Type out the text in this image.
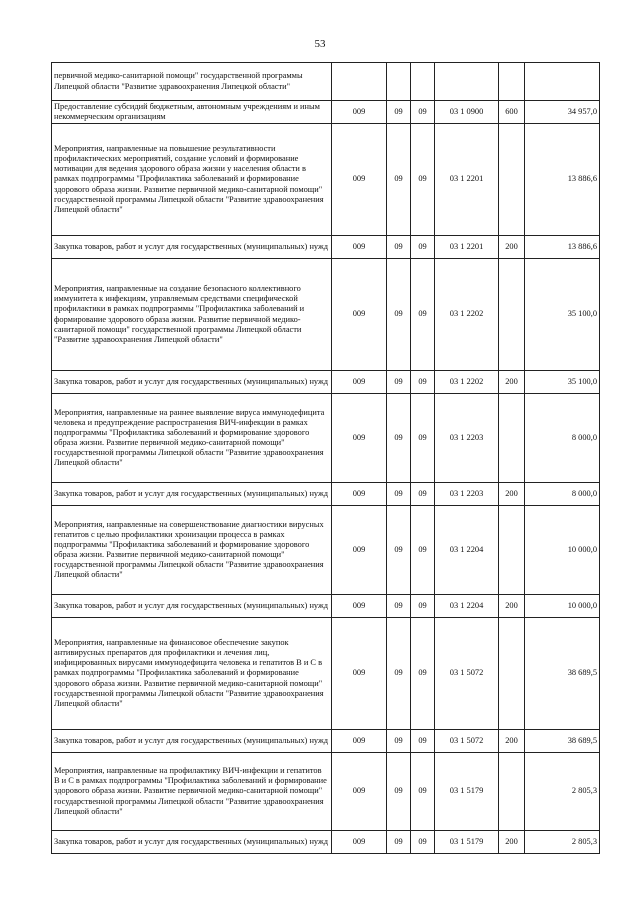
53
первичной медико-санитарной помощи" государственной программы Липецкой области "Развитие здравоохранения Липецкой области"						
Предоставление субсидий бюджетным, автономным учреждениям и иным некоммерческим организациям	009	09	09	03 1 0900	600	34 957,0
Мероприятия, направленные на повышение результативности профилактических мероприятий, создание условий и формирование мотивации для ведения здорового образа жизни у населения области в рамках подпрограммы "Профилактика заболеваний и формирование здорового образа жизни. Развитие первичной медико-санитарной помощи" государственной программы Липецкой области "Развитие здравоохранения Липецкой области"	009	09	09	03 1 2201		13 886,6
Закупка товаров, работ и услуг для государственных (муниципальных) нужд	009	09	09	03 1 2201	200	13 886,6
Мероприятия, направленные на создание безопасного коллективного иммунитета к инфекциям, управляемым средствами специфической профилактики в рамках подпрограммы "Профилактика заболеваний и формирование здорового образа жизни. Развитие первичной медико-санитарной помощи" государственной программы Липецкой области "Развитие здравоохранения Липецкой области"	009	09	09	03 1 2202		35 100,0
Закупка товаров, работ и услуг для государственных (муниципальных) нужд	009	09	09	03 1 2202	200	35 100,0
Мероприятия, направленные на раннее выявление вируса иммунодефицита человека и предупреждение распространения ВИЧ-инфекции в рамках подпрограммы "Профилактика заболеваний и формирование здорового образа жизни. Развитие первичной медико-санитарной помощи" государственной программы Липецкой области "Развитие здравоохранения Липецкой области"	009	09	09	03 1 2203		8 000,0
Закупка товаров, работ и услуг для государственных (муниципальных) нужд	009	09	09	03 1 2203	200	8 000,0
Мероприятия, направленные на совершенствование диагностики вирусных гепатитов с целью профилактики хронизации процесса в рамках подпрограммы "Профилактика заболеваний и формирование здорового образа жизни. Развитие первичной медико-санитарной помощи" государственной программы Липецкой области "Развитие здравоохранения Липецкой области"	009	09	09	03 1 2204		10 000,0
Закупка товаров, работ и услуг для государственных (муниципальных) нужд	009	09	09	03 1 2204	200	10 000,0
Мероприятия, направленные на финансовое обеспечение закупок антивирусных препаратов для профилактики и лечения лиц, инфицированных вирусами иммунодефицита человека и гепатитов В и С в рамках подпрограммы "Профилактика заболеваний и формирование здорового образа жизни. Развитие первичной медико-санитарной помощи" государственной программы Липецкой области "Развитие здравоохранения Липецкой области"	009	09	09	03 1 5072		38 689,5
Закупка товаров, работ и услуг для государственных (муниципальных) нужд	009	09	09	03 1 5072	200	38 689,5
Мероприятия, направленные на профилактику ВИЧ-инфекции и гепатитов В и С в рамках подпрограммы "Профилактика заболеваний и формирование здорового образа жизни. Развитие первичной медико-санитарной помощи" государственной программы Липецкой области "Развитие здравоохранения Липецкой области"	009	09	09	03 1 5179		2 805,3
Закупка товаров, работ и услуг для государственных (муниципальных) нужд	009	09	09	03 1 5179	200	2 805,3
